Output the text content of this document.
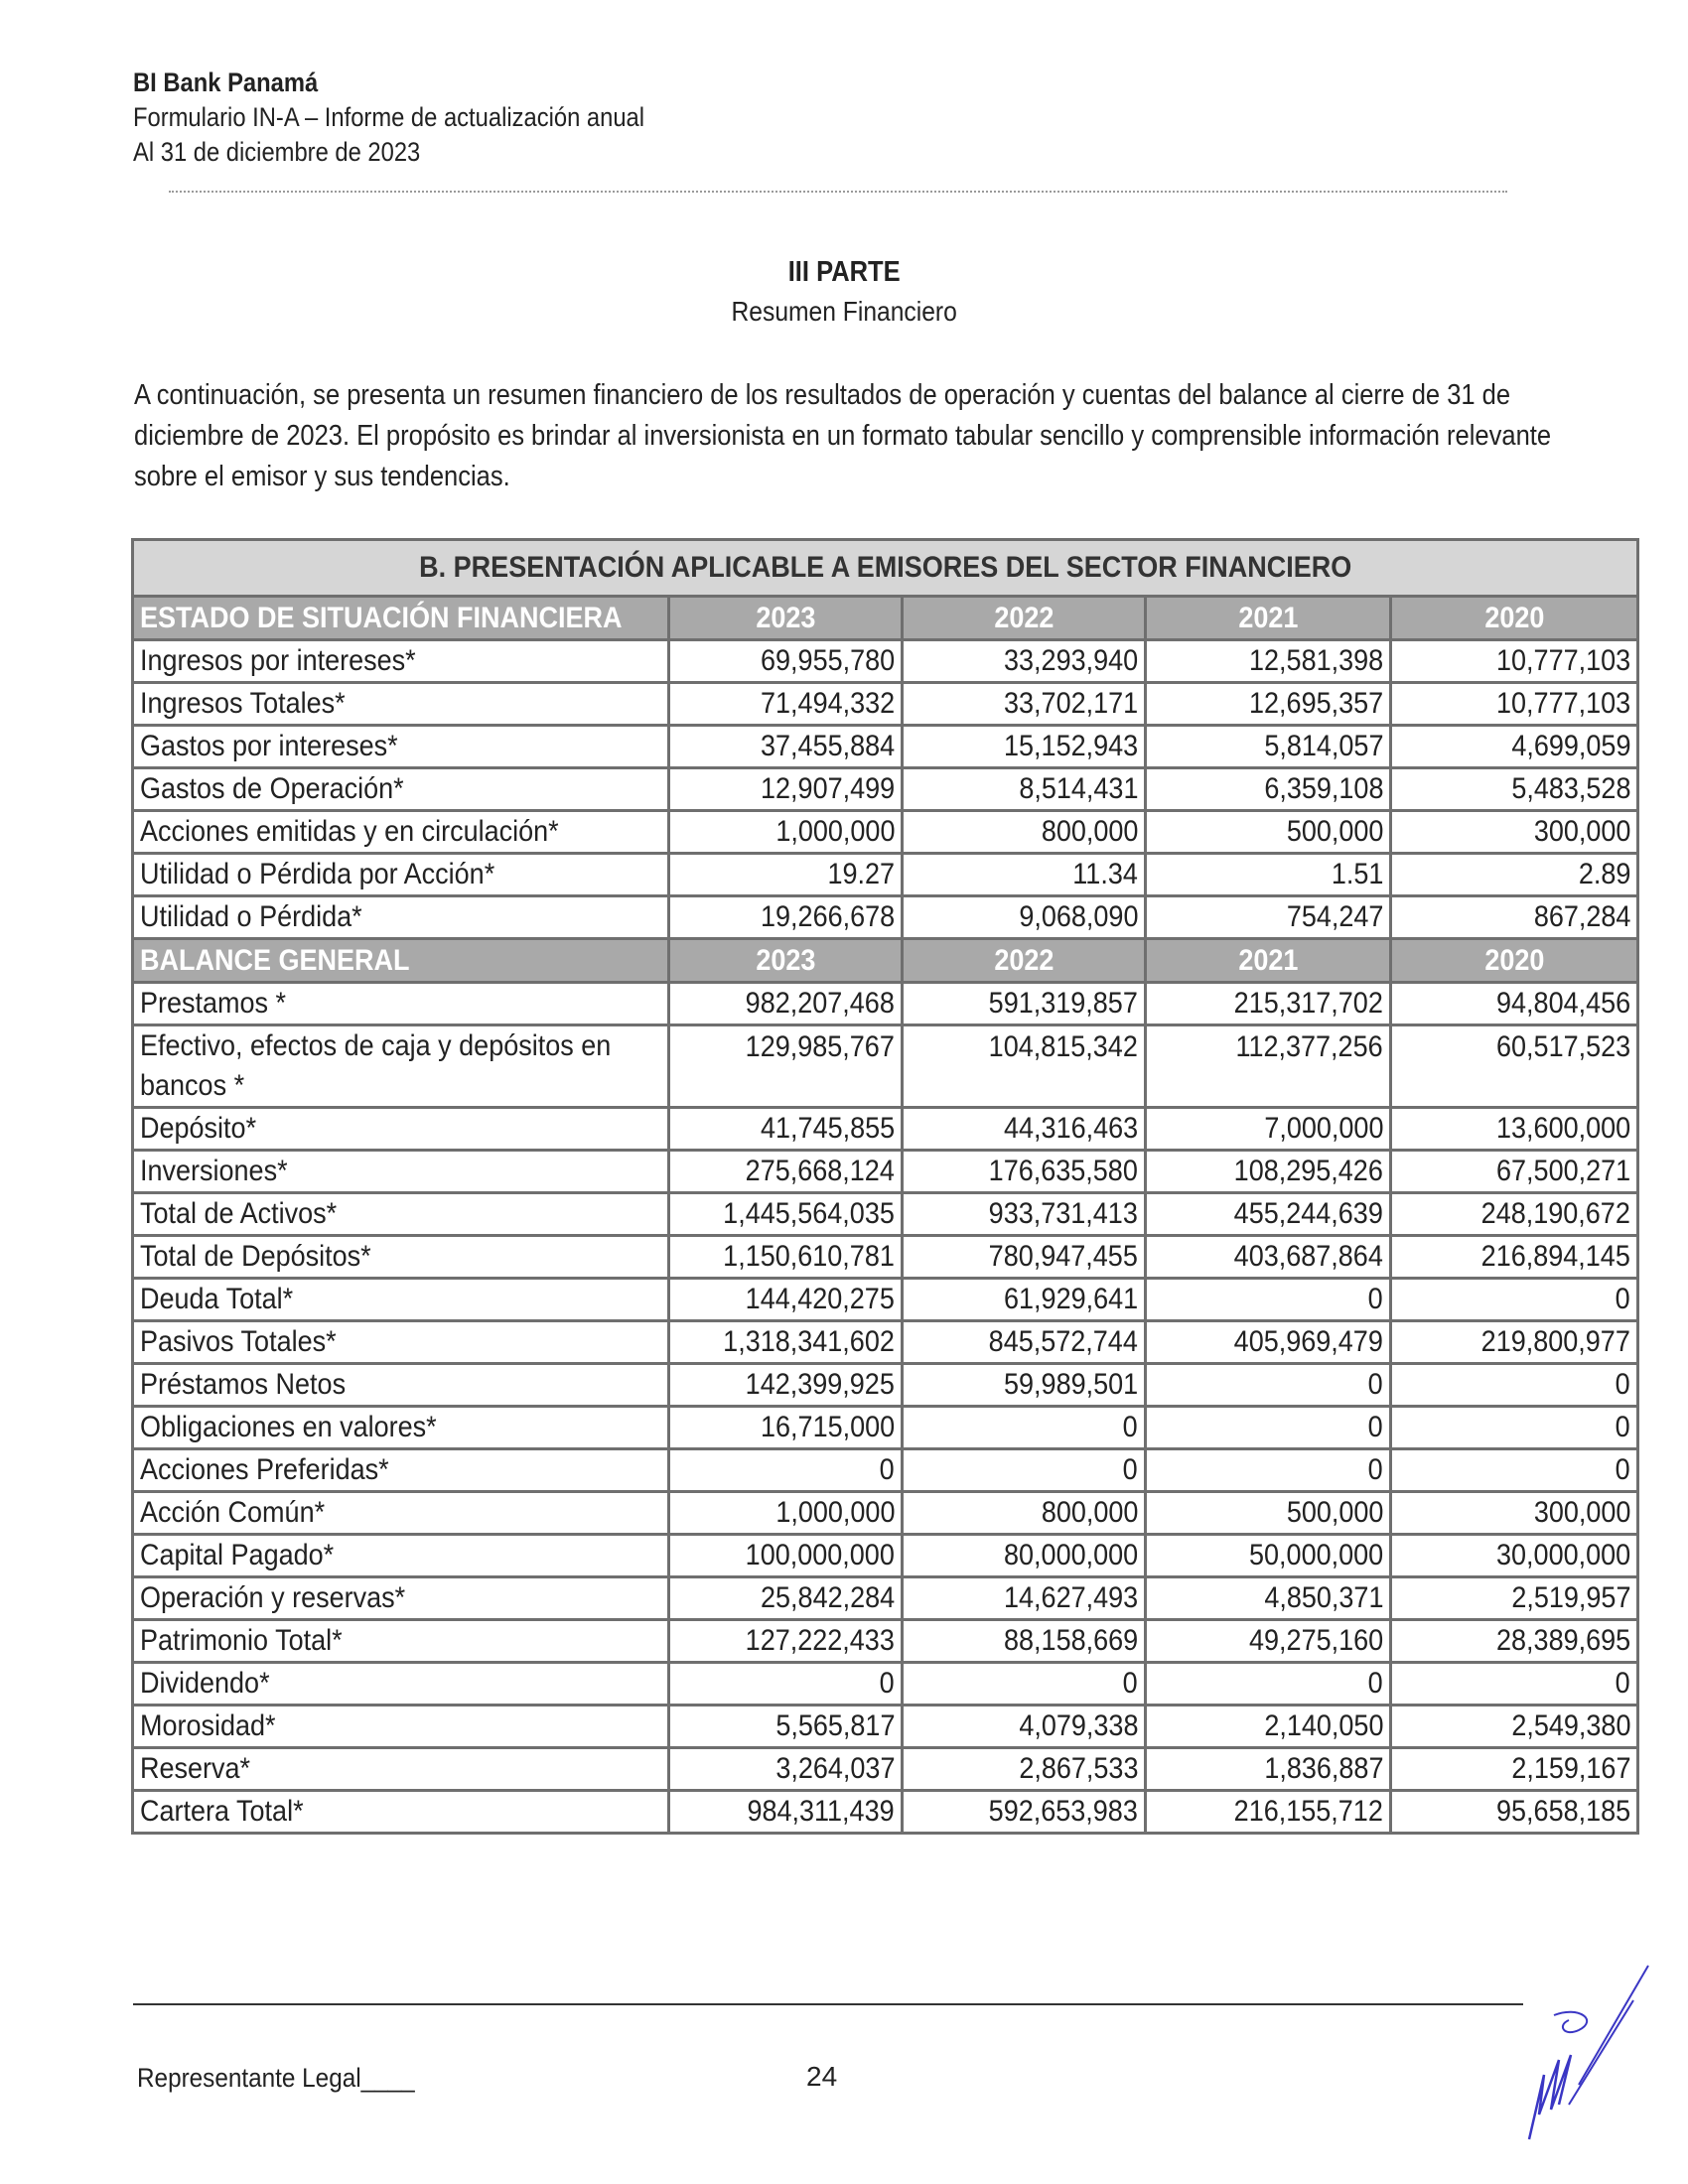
BI Bank Panamá
Formulario IN-A – Informe de actualización anual
Al 31 de diciembre de 2023
III PARTE
Resumen Financiero
A continuación, se presenta un resumen financiero de los resultados de operación y cuentas del balance al cierre de 31 de diciembre de 2023. El propósito es brindar al inversionista en un formato tabular sencillo y comprensible información relevante sobre el emisor y sus tendencias.
B. PRESENTACIÓN APLICABLE A EMISORES DEL SECTOR FINANCIERO				
ESTADO DE SITUACIÓN FINANCIERA	2023	2022	2021	2020
Ingresos por intereses*	69,955,780	33,293,940	12,581,398	10,777,103
Ingresos Totales*	71,494,332	33,702,171	12,695,357	10,777,103
Gastos por intereses*	37,455,884	15,152,943	5,814,057	4,699,059
Gastos de Operación*	12,907,499	8,514,431	6,359,108	5,483,528
Acciones emitidas y en circulación*	1,000,000	800,000	500,000	300,000
Utilidad o Pérdida por Acción*	19.27	11.34	1.51	2.89
Utilidad o Pérdida*	19,266,678	9,068,090	754,247	867,284
BALANCE GENERAL	2023	2022	2021	2020
Prestamos *	982,207,468	591,319,857	215,317,702	94,804,456

Efectivo, efectos de caja y depósitos en bancos *	129,985,767	104,815,342	112,377,256	60,517,523
Depósito*	41,745,855	44,316,463	7,000,000	13,600,000
Inversiones*	275,668,124	176,635,580	108,295,426	67,500,271
Total de Activos*	1,445,564,035	933,731,413	455,244,639	248,190,672
Total de Depósitos*	1,150,610,781	780,947,455	403,687,864	216,894,145
Deuda Total*	144,420,275	61,929,641	0	0
Pasivos Totales*	1,318,341,602	845,572,744	405,969,479	219,800,977
Préstamos Netos	142,399,925	59,989,501	0	0
Obligaciones en valores*	16,715,000	0	0	0
Acciones Preferidas*	0	0	0	0
Acción Común*	1,000,000	800,000	500,000	300,000
Capital Pagado*	100,000,000	80,000,000	50,000,000	30,000,000
Operación y reservas*	25,842,284	14,627,493	4,850,371	2,519,957
Patrimonio Total*	127,222,433	88,158,669	49,275,160	28,389,695
Dividendo*	0	0	0	0
Morosidad*	5,565,817	4,079,338	2,140,050	2,549,380
Reserva*	3,264,037	2,867,533	1,836,887	2,159,167
Cartera Total*	984,311,439	592,653,983	216,155,712	95,658,185
Representante Legal____	24
